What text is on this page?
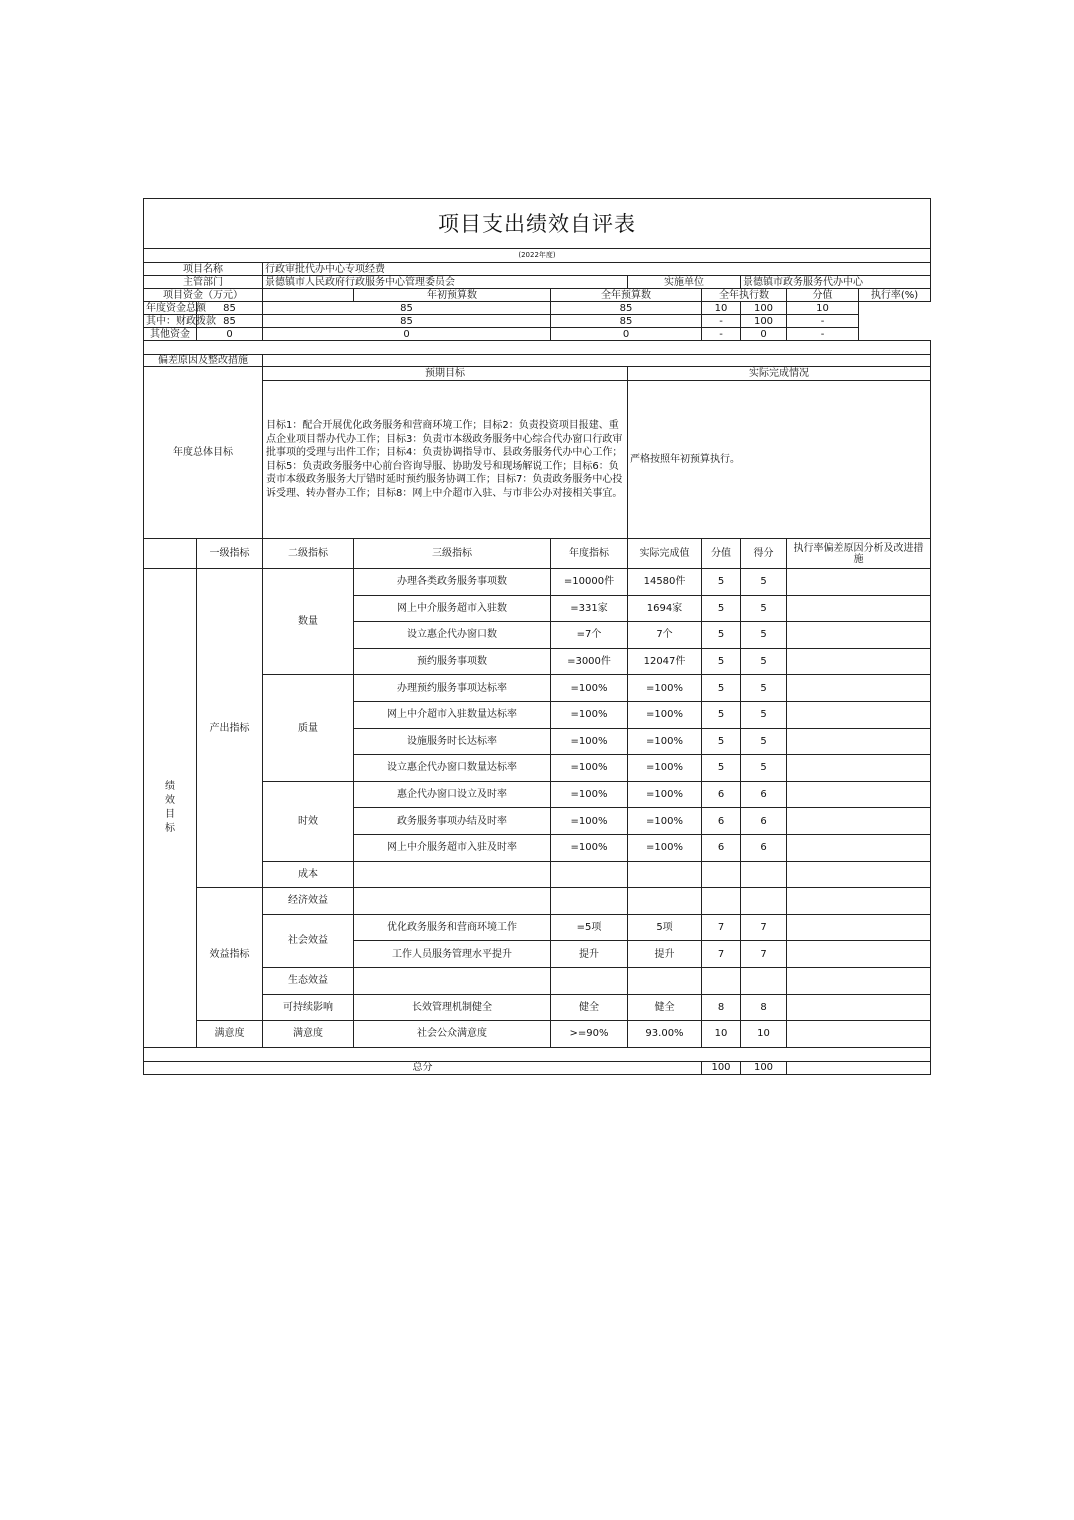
项目支出绩效自评表										
(2022年度)										
项目名称		行政审批代办中心专项经费								
主管部门		景德镇市人民政府行政服务中心管理委员会			实施单位		景德镇市政务服务代办中心			
项目资金（万元）			年初预算数	全年预算数		全年执行数		分值	执行率(%)	
年度资金总额	85	85		85		10	100	10		
其中：财政拨款	85	85		85		-	100	-		
其他资金	0	0		0		-	0	-		

偏差原因及整改措施										
年度总体目标		预期目标			实际完成情况					
		目标1：配合开展优化政务服务和营商环境工作；目标2：负责投资项目报建、重点企业项目帮办代办工作；目标3：负责市本级政务服务中心综合代办窗口行政审批事项的受理与出件工作；目标4：负责协调指导市、县政务服务代办中心工作；目标5：负责政务服务中心前台咨询导服、协助发号和现场解说工作；目标6：负责市本级政务服务大厅错时延时预约服务协调工作；目标7：负责政务服务中心投诉受理、转办督办工作；目标8：网上中介超市入驻、与市非公办对接相关事宜。			严格按照年初预算执行。					
	一级指标	二级指标	三级指标	年度指标	实际完成值	分值	得分	执行率偏差原因分析及改进措施		

绩
效
目
标	产出指标	数量	办理各类政务服务事项数	=10000件	14580件	5	5			
			网上中介服务超市入驻数	=331家	1694家	5	5			
			设立惠企代办窗口数	=7个	7个	5	5			
			预约服务事项数	=3000件	12047件	5	5			
		质量	办理预约服务事项达标率	=100%	=100%	5	5			
			网上中介超市入驻数量达标率	=100%	=100%	5	5			
			设施服务时长达标率	=100%	=100%	5	5			
			设立惠企代办窗口数量达标率	=100%	=100%	5	5			
		时效	惠企代办窗口设立及时率	=100%	=100%	6	6			
			政务服务事项办结及时率	=100%	=100%	6	6			
			网上中介服务超市入驻及时率	=100%	=100%	6	6			
		成本								
	效益指标	经济效益								
		社会效益	优化政务服务和营商环境工作	=5项	5项	7	7			
			工作人员服务管理水平提升	提升	提升	7	7			
		生态效益								
		可持续影响	长效管理机制健全	健全	健全	8	8			
	满意度	满意度	社会公众满意度	>=90%	93.00%	10	10			

总分						100	100			
